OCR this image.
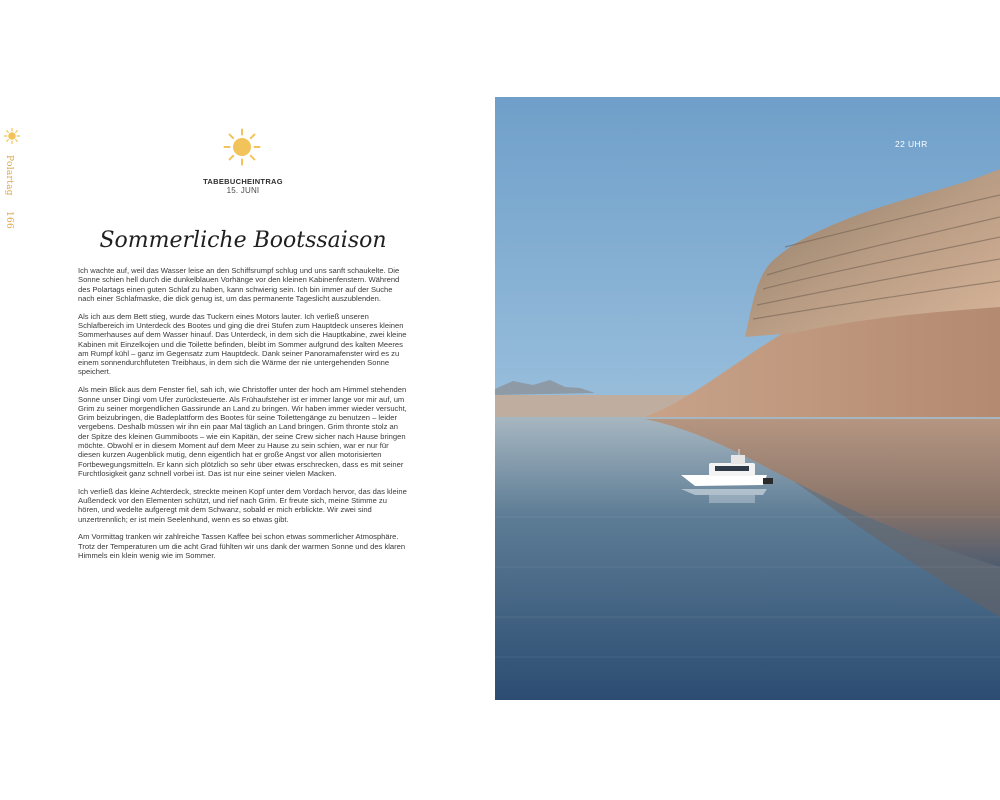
Polartag 166
TABEBUCHEINTRAG
15. JUNI
Sommerliche Bootssaison

Ich wachte auf, weil das Wasser leise an den Schiffsrumpf schlug und uns sanft schaukelte. Die Sonne schien hell durch die dunkelblauen Vorhänge vor den kleinen Kabinenfenstern. Während des Polartags einen guten Schlaf zu haben, kann schwierig sein. Ich bin immer auf der Suche nach einer Schlafmaske, die dick genug ist, um das permanente Tageslicht auszublenden.

Als ich aus dem Bett stieg, wurde das Tuckern eines Motors lauter. Ich verließ unseren Schlafbereich im Unterdeck des Bootes und ging die drei Stufen zum Hauptdeck unseres kleinen Sommerhauses auf dem Wasser hinauf. Das Unterdeck, in dem sich die Hauptkabine, zwei kleine Kabinen mit Einzelkojen und die Toilette befinden, bleibt im Sommer aufgrund des kalten Meeres am Rumpf kühl – ganz im Gegensatz zum Hauptdeck. Dank seiner Panoramafenster wird es zu einem sonnendurchfluteten Treibhaus, in dem sich die Wärme der nie untergehenden Sonne speichert.

Als mein Blick aus dem Fenster fiel, sah ich, wie Christoffer unter der hoch am Himmel stehenden Sonne unser Dingi vom Ufer zurücksteuerte. Als Frühaufsteher ist er immer lange vor mir auf, um Grim zu seiner morgendlichen Gassirunde an Land zu bringen. Wir haben immer wieder versucht, Grim beizubringen, die Badeplattform des Bootes für seine Toilettengänge zu benutzen – leider vergebens. Deshalb müssen wir ihn ein paar Mal täglich an Land bringen. Grim thronte stolz an der Spitze des kleinen Gummiboots – wie ein Kapitän, der seine Crew sicher nach Hause bringen möchte. Obwohl er in diesem Moment auf dem Meer zu Hause zu sein schien, war er nur für diesen kurzen Augenblick mutig, denn eigentlich hat er große Angst vor allen motorisierten Fortbewegungsmitteln. Er kann sich plötzlich so sehr über etwas erschrecken, dass es mit seiner Furchtlosigkeit ganz schnell vorbei ist. Das ist nur eine seiner vielen Macken.

Ich verließ das kleine Achterdeck, streckte meinen Kopf unter dem Vordach hervor, das das kleine Außendeck vor den Elementen schützt, und rief nach Grim. Er freute sich, meine Stimme zu hören, und wedelte aufgeregt mit dem Schwanz, sobald er mich erblickte. Wir zwei sind unzertrennlich; er ist mein Seelenhund, wenn es so etwas gibt.

Am Vormittag tranken wir zahlreiche Tassen Kaffee bei schon etwas sommerlicher Atmosphäre. Trotz der Temperaturen um die acht Grad fühlten wir uns dank der warmen Sonne und des klaren Himmels ein klein wenig wie im Sommer.

22 UHR
